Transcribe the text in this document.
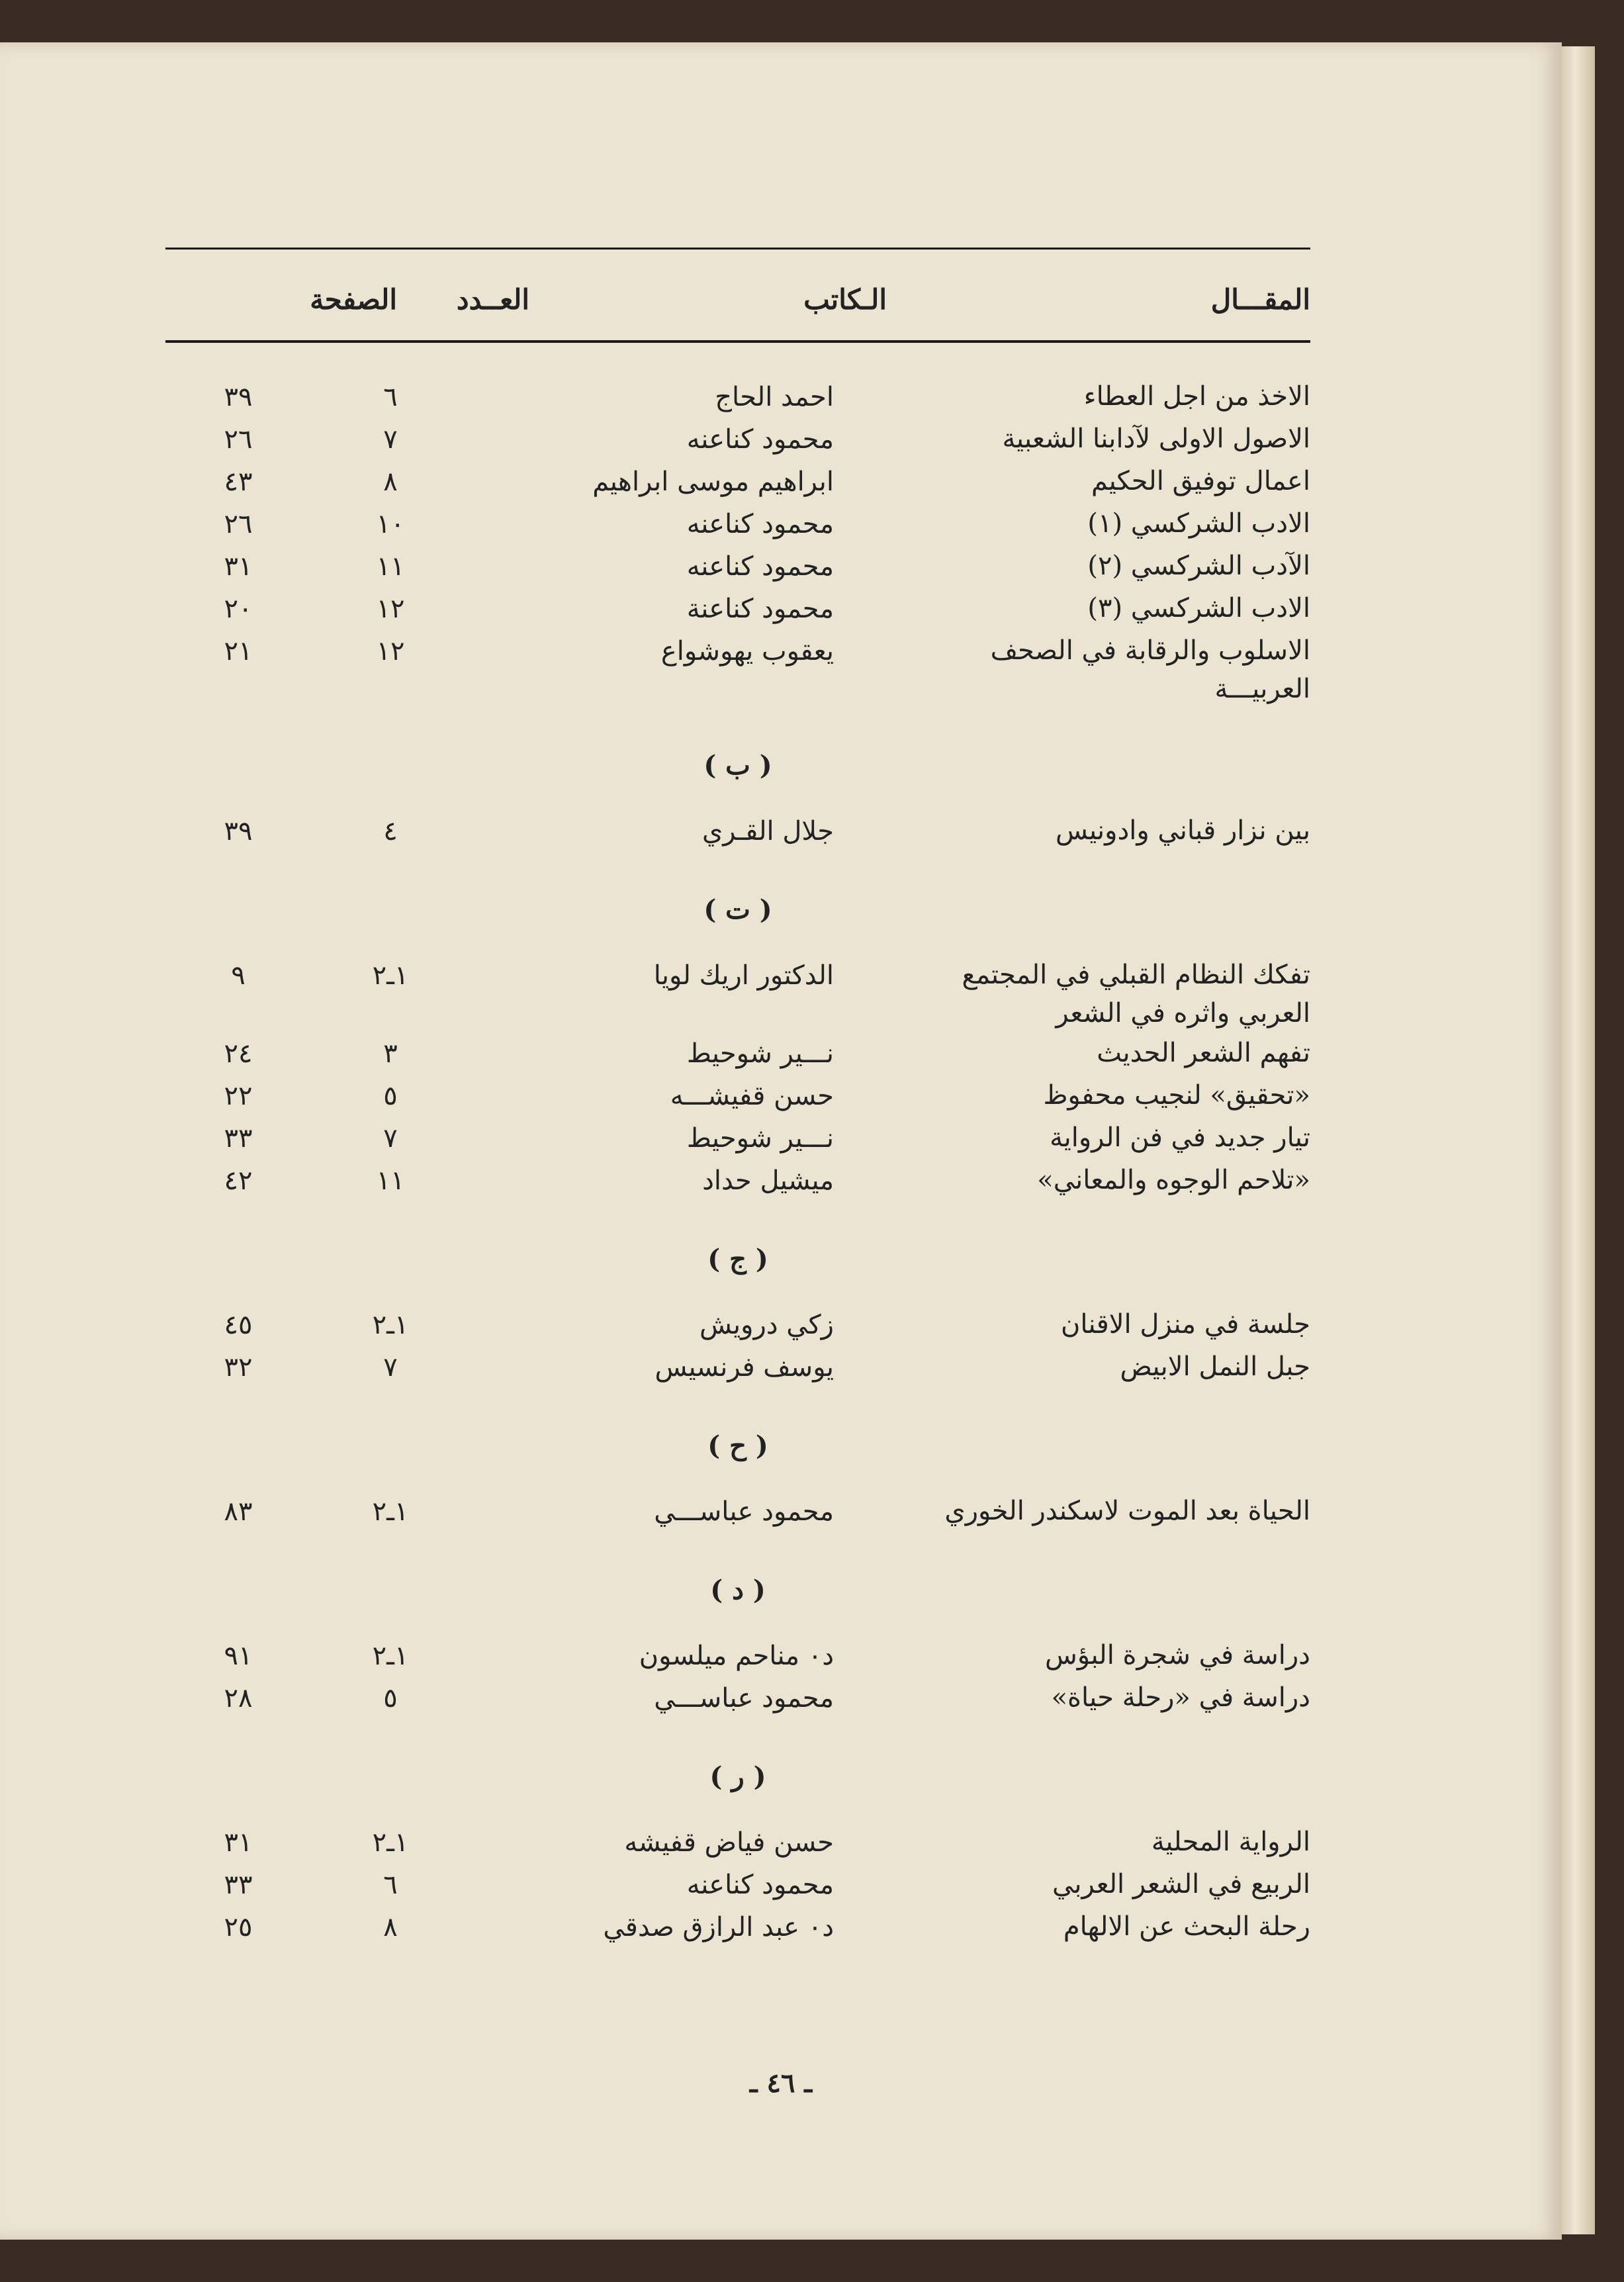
المقـــال
الـكاتب
العــدد
الصفحة
الاخذ من اجل العطاء
احمد الحاج
٦
٣٩
الاصول الاولى لآدابنا الشعبية
محمود كناعنه
٧
٢٦
اعمال توفيق الحكيم
ابراهيم موسى ابراهيم
٨
٤٣
الادب الشركسي (١)
محمود كناعنه
١٠
٢٦
الآدب الشركسي (٢)
محمود كناعنه
١١
٣١
الادب الشركسي (٣)
محمود كناعنة
١٢
٢٠
الاسلوب والرقابة في الصحف العربيـــة
يعقوب يهوشواع
١٢
٢١
( ب )
بين نزار قباني وادونيس
جلال القـري
٤
٣٩
( ت )
تفكك النظام القبلي في المجتمع العربي واثره في الشعر
الدكتور اريك لويا
١ـ٢
٩
تفهم الشعر الحديث
نـــير شوحيط
٣
٢٤
«تحقيق» لنجيب محفوظ
حسن قفيشـــه
٥
٢٢
تيار جديد في فن الرواية
نـــير شوحيط
٧
٣٣
«تلاحم الوجوه والمعاني»
ميشيل حداد
١١
٤٢
( ج )
جلسة في منزل الاقنان
زكي درويش
١ـ٢
٤٥
جبل النمل الابيض
يوسف فرنسيس
٧
٣٢
( ح )
الحياة بعد الموت لاسكندر الخوري
محمود عباســـي
١ـ٢
٨٣
( د )
دراسة في شجرة البؤس
د٠ مناحم ميلسون
١ـ٢
٩١
دراسة في «رحلة حياة»
محمود عباســـي
٥
٢٨
( ر )
الرواية المحلية
حسن فياض قفيشه
١ـ٢
٣١
الربيع في الشعر العربي
محمود كناعنه
٦
٣٣
رحلة البحث عن الالهام
د٠ عبد الرازق صدقي
٨
٢٥
ـ ٤٦ ـ
